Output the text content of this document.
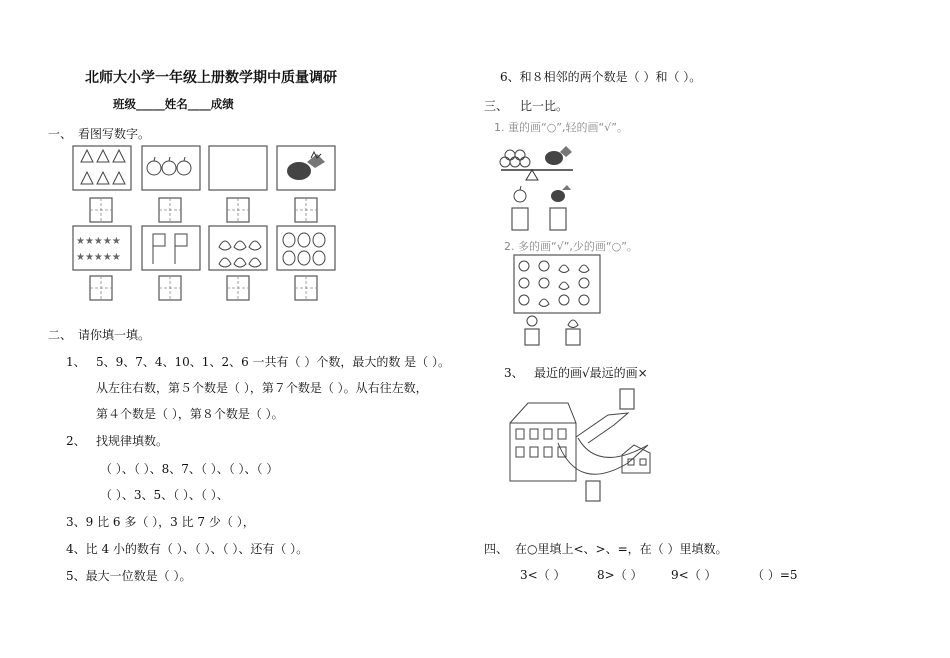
北师大小学一年级上册数学期中质量调研
班级_____姓名____成绩
一、 看图写数字。
★★★★★
★★★★★
二、 请你填一填。
1、 5、9、7、4、10、1、2、6 一共有（ ）个数，最大的数 是（ ）。
从左往右数，第５个数是（ ），第７个数是（ ）。从右往左数，
第４个数是（ ），第８个数是（ ）。
2、 找规律填数。
（ ）、（ ）、8、7、（ ）、（ ）、（ ）
（ ）、3、5、（ ）、（ ）、
3、9 比 6 多（ ），3 比 7 少（ ），
4、比 4 小的数有（ ）、（ ）、（ ）、还有（ ）。
5、最大一位数是（ ）。
6、和８相邻的两个数是（ ）和（ ）。
三、 比一比。
1. 重的画“○”,轻的画“√”。
2. 多的画“√”,少的画“○”。
3、 最近的画√最远的画×
四、 在○里填上<、>、=，在（ ）里填数。
3<（ ）	8>（ ） 9<（ ）	（ ）=5
